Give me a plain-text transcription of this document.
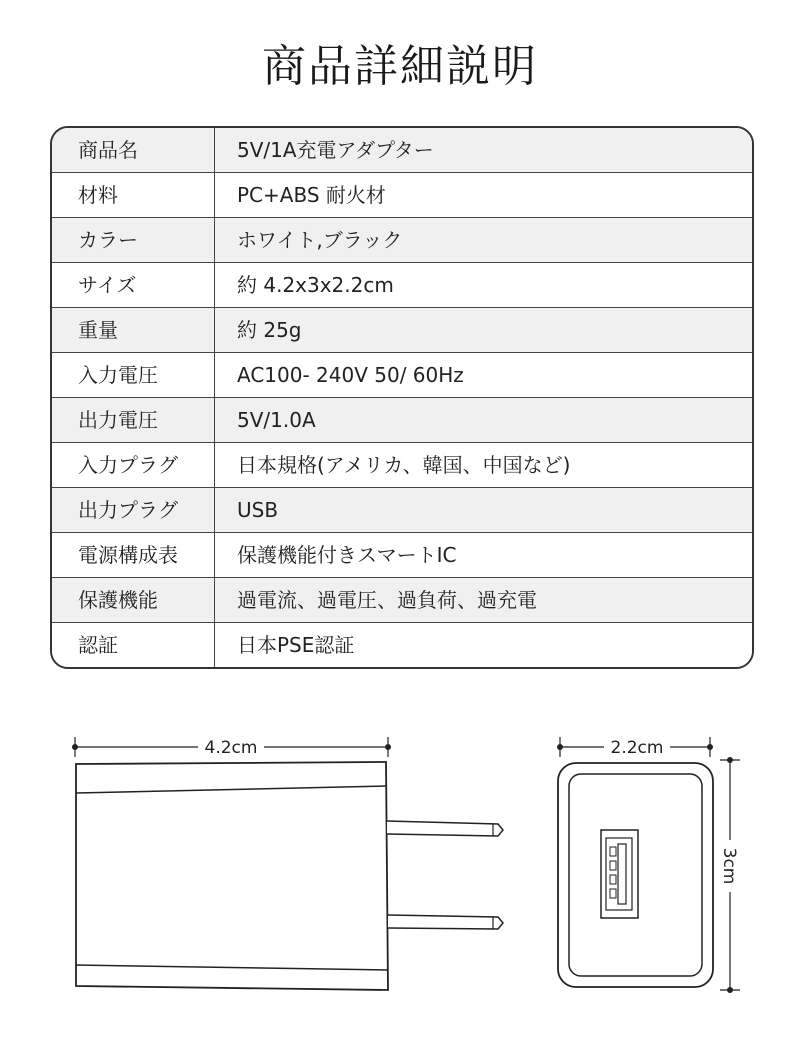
商品詳細説明
商品名	5V/1A充電アダプター
材料	PC+ABS 耐火材
カラー	ホワイト,ブラック
サイズ	約 4.2x3x2.2cm
重量	約 25g
入力電圧	AC100- 240V 50/ 60Hz
出力電圧	5V/1.0A
入力プラグ	日本規格(アメリカ、韓国、中国など)
出力プラグ	USB
電源構成表	保護機能付きスマートIC
保護機能	過電流、過電圧、過負荷、過充電
認証	日本PSE認証
4.2cm	2.2cm
3cm
